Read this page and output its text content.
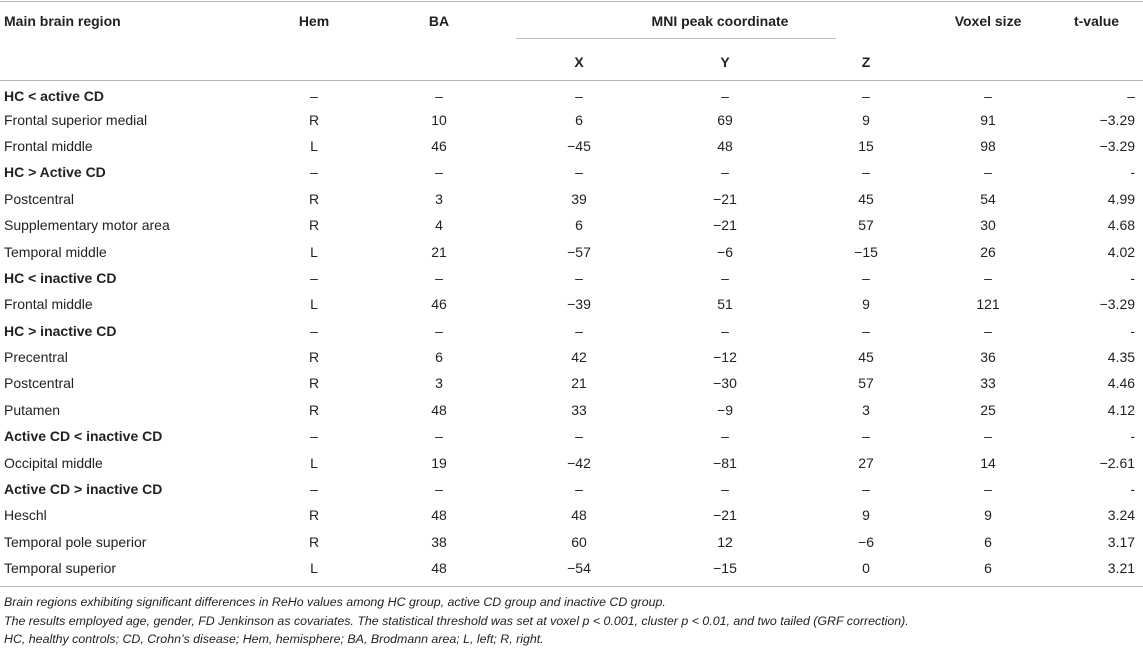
Main brain region	Hem	BA	MNI peak coordinate			Voxel size	t-value
			X	Y	Z		
HC < active CD	–	–	–	–	–	–	–
Frontal superior medial	R	10	6	69	9	91	−3.29
Frontal middle	L	46	−45	48	15	98	−3.29
HC > Active CD	–	–	–	–	–	–	-
Postcentral	R	3	39	−21	45	54	4.99
Supplementary motor area	R	4	6	−21	57	30	4.68
Temporal middle	L	21	−57	−6	−15	26	4.02
HC < inactive CD	–	–	–	–	–	–	-
Frontal middle	L	46	−39	51	9	121	−3.29
HC > inactive CD	–	–	–	–	–	–	-
Precentral	R	6	42	−12	45	36	4.35
Postcentral	R	3	21	−30	57	33	4.46
Putamen	R	48	33	−9	3	25	4.12
Active CD < inactive CD	–	–	–	–	–	–	-
Occipital middle	L	19	−42	−81	27	14	−2.61
Active CD > inactive CD	–	–	–	–	–	–	-
Heschl	R	48	48	−21	9	9	3.24
Temporal pole superior	R	38	60	12	−6	6	3.17
Temporal superior	L	48	−54	−15	0	6	3.21
Brain regions exhibiting significant differences in ReHo values among HC group, active CD group and inactive CD group.
The results employed age, gender, FD Jenkinson as covariates. The statistical threshold was set at voxel p < 0.001, cluster p < 0.01, and two tailed (GRF correction).
HC, healthy controls; CD, Crohn’s disease; Hem, hemisphere; BA, Brodmann area; L, left; R, right.
